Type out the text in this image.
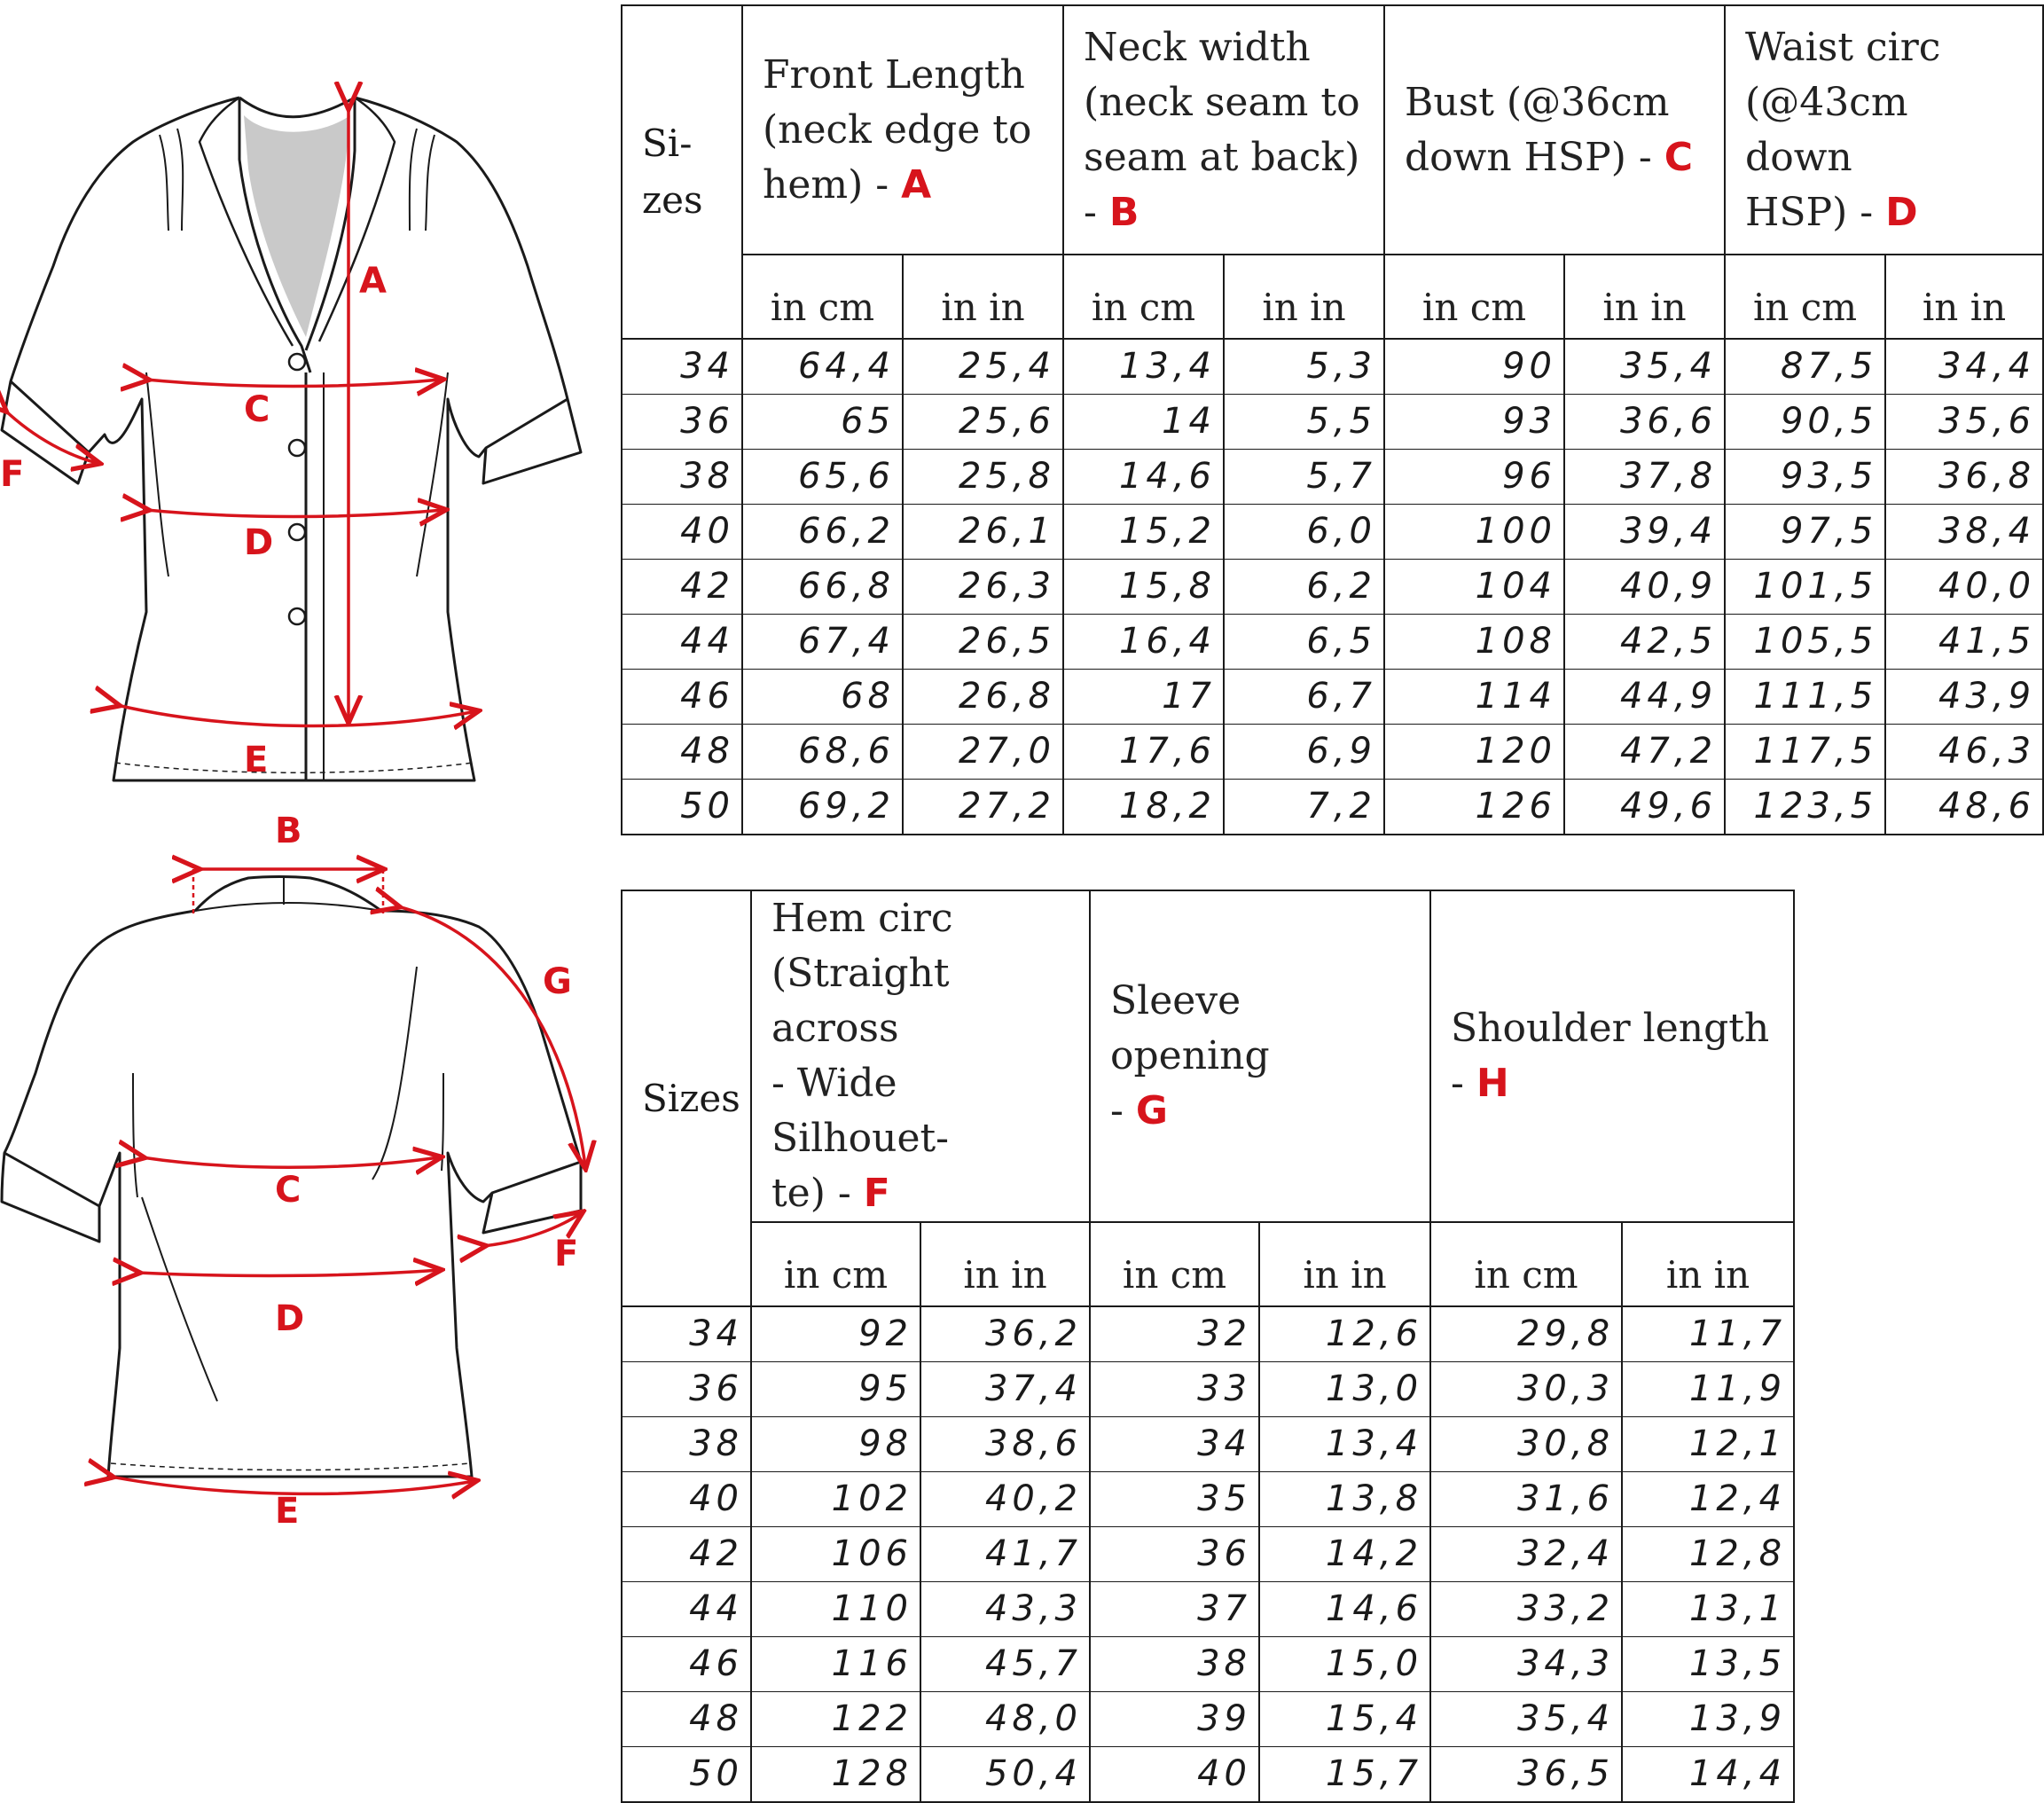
A
C
D
E
F
B
G
C
D
E
F
Si-
zes	Front Length
(neck edge to
hem) - A		Neck width
(neck seam to
seam at back)
- B		Bust (@36cm
down HSP) - C		Waist circ
(@43cm down
HSP) - D	
	in cm	in in	in cm	in in	in cm	in in	in cm	in in
34	64,4	25,4	13,4	5,3	90	35,4	87,5	34,4
36	65	25,6	14	5,5	93	36,6	90,5	35,6
38	65,6	25,8	14,6	5,7	96	37,8	93,5	36,8
40	66,2	26,1	15,2	6,0	100	39,4	97,5	38,4
42	66,8	26,3	15,8	6,2	104	40,9	101,5	40,0
44	67,4	26,5	16,4	6,5	108	42,5	105,5	41,5
46	68	26,8	17	6,7	114	44,9	111,5	43,9
48	68,6	27,0	17,6	6,9	120	47,2	117,5	46,3
50	69,2	27,2	18,2	7,2	126	49,6	123,5	48,6
Sizes	Hem circ
(Straight across
- Wide Silhouet-
te) - F		Sleeve opening
- G		Shoulder length
- H	
	in cm	in in	in cm	in in	in cm	in in
34	92	36,2	32	12,6	29,8	11,7
36	95	37,4	33	13,0	30,3	11,9
38	98	38,6	34	13,4	30,8	12,1
40	102	40,2	35	13,8	31,6	12,4
42	106	41,7	36	14,2	32,4	12,8
44	110	43,3	37	14,6	33,2	13,1
46	116	45,7	38	15,0	34,3	13,5
48	122	48,0	39	15,4	35,4	13,9
50	128	50,4	40	15,7	36,5	14,4
